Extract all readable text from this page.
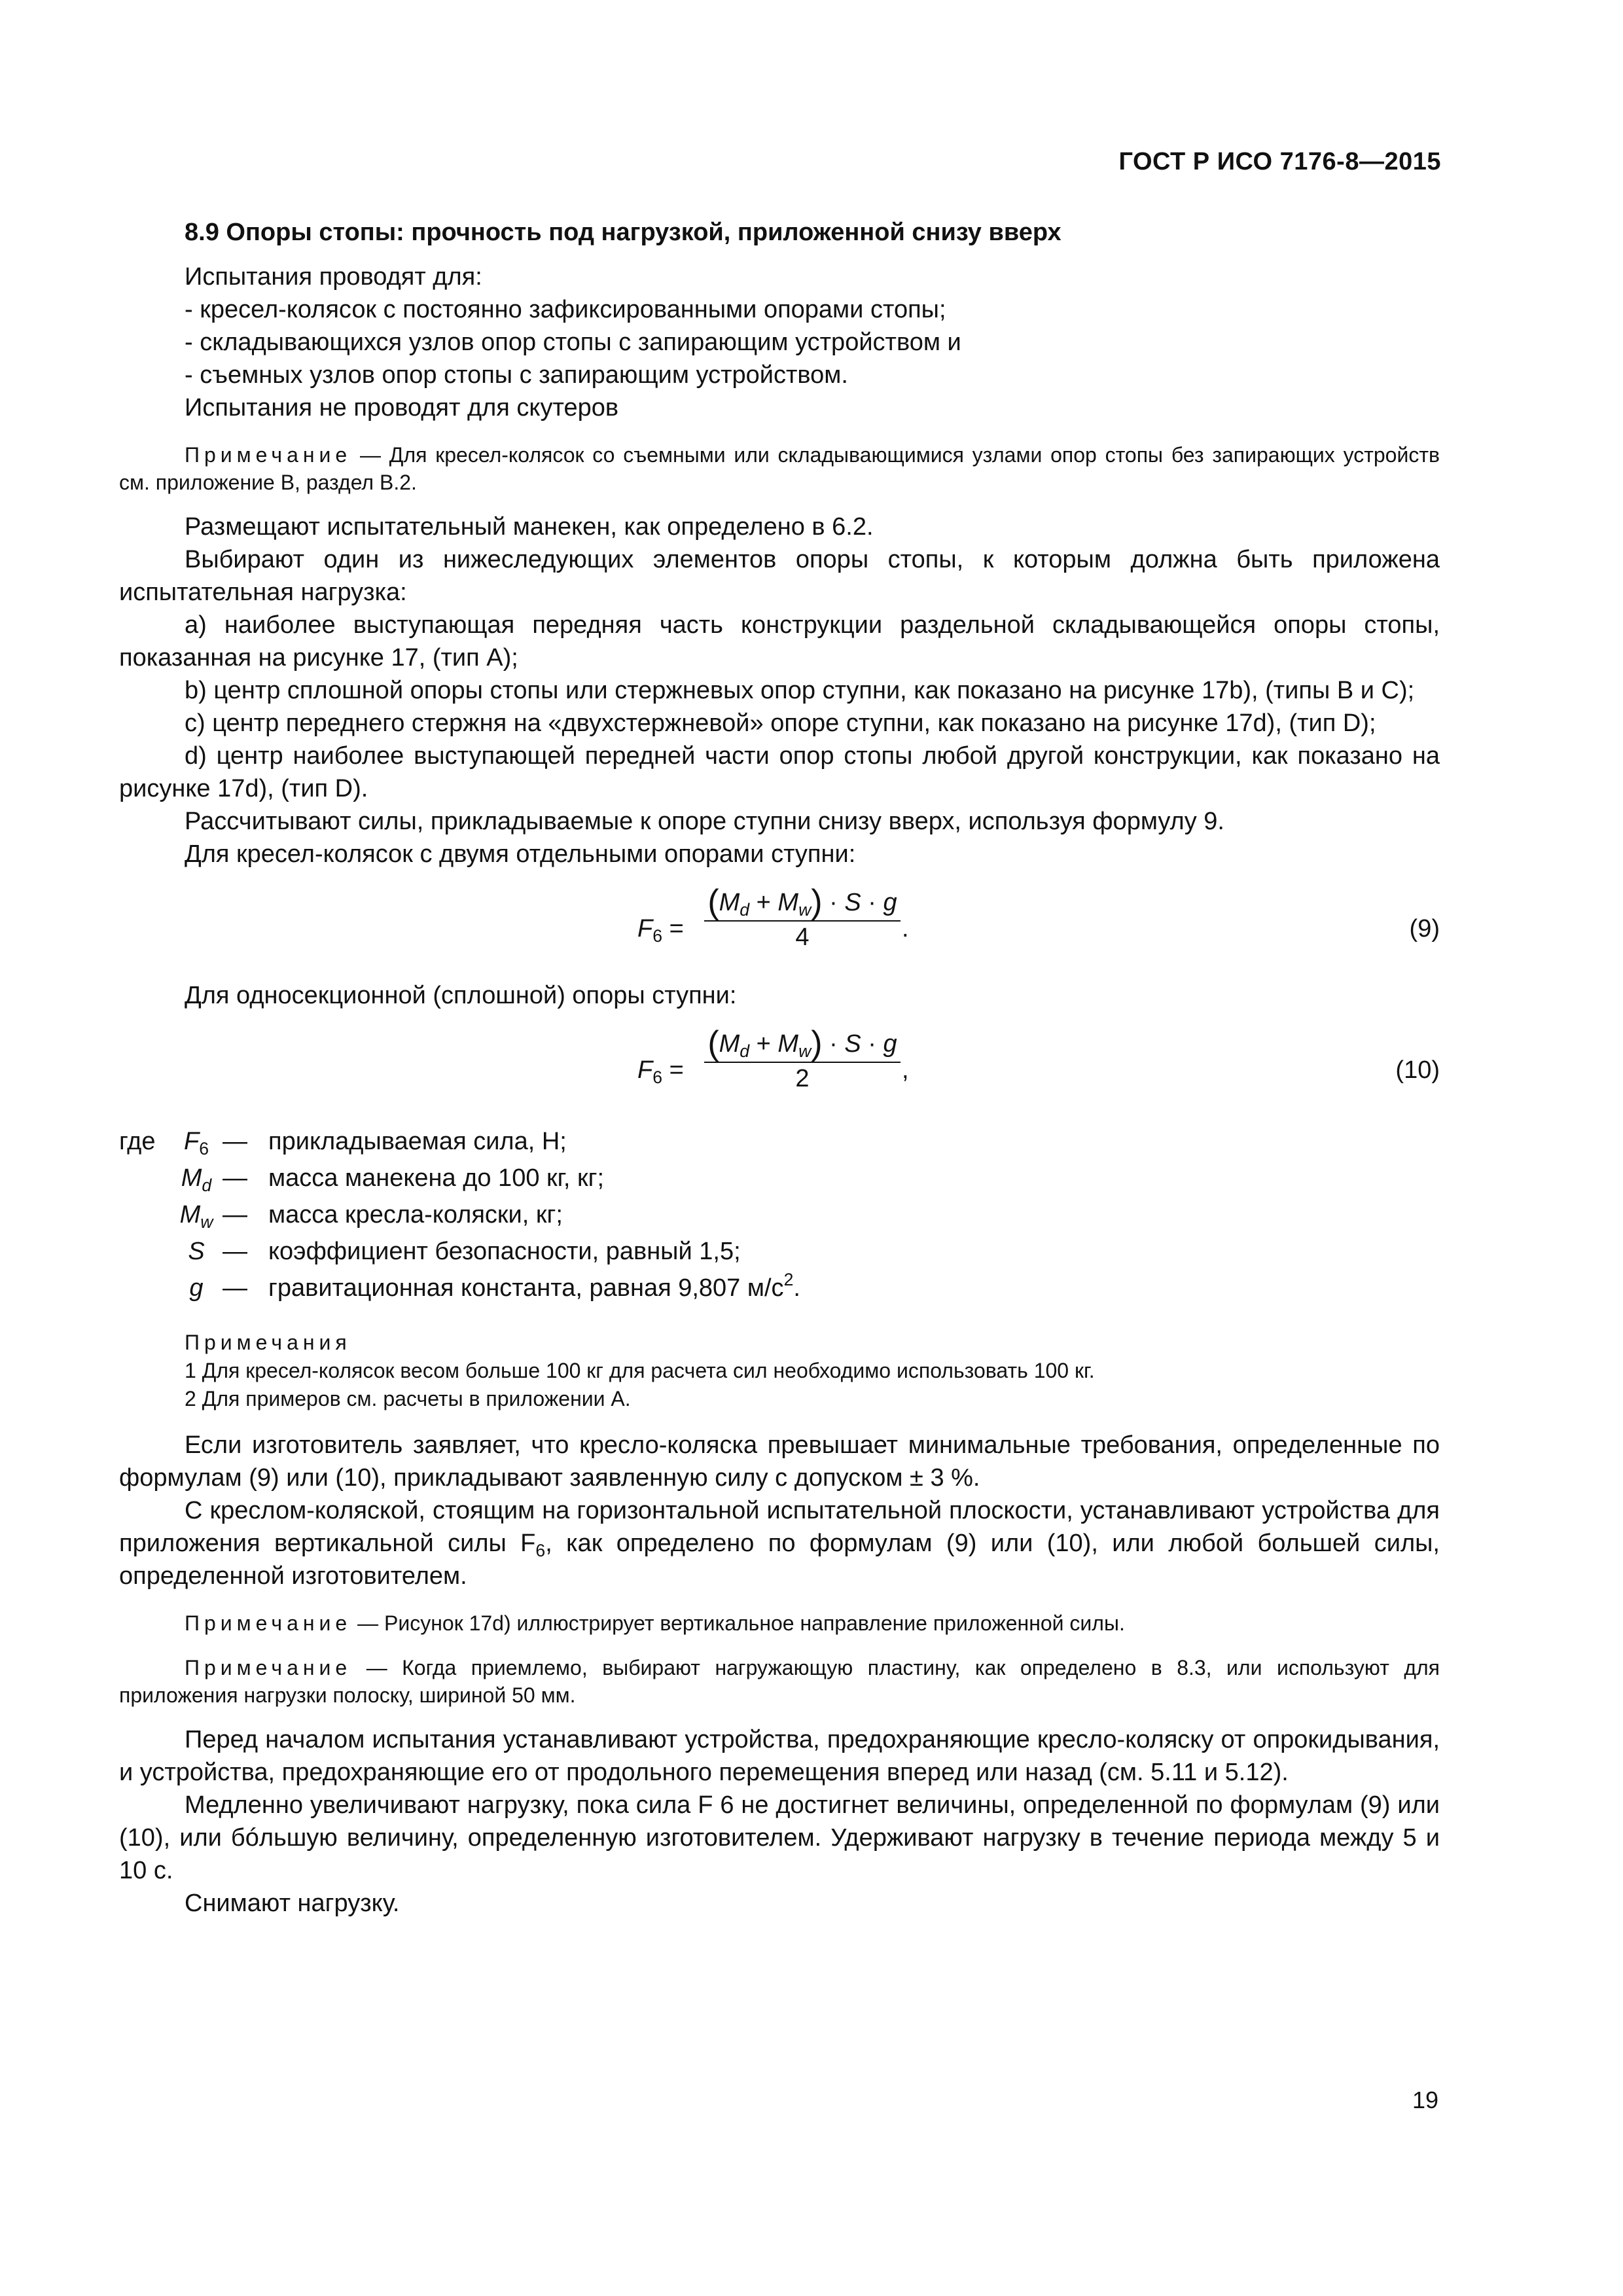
ГОСТ Р ИСО 7176-8—2015

8.9 Опоры стопы: прочность под нагрузкой, приложенной снизу вверх

Испытания проводят для:

- кресел-колясок с постоянно зафиксированными опорами стопы;

- складывающихся узлов опор стопы с запирающим устройством и

- съемных узлов опор стопы с запирающим устройством.

Испытания не проводят для скутеров

Примечание — Для кресел-колясок со съемными или складывающимися узлами опор стопы без запирающих устройств см. приложение В, раздел В.2.

Размещают испытательный манекен, как определено в 6.2.

Выбирают один из нижеследующих элементов опоры стопы, к которым должна быть приложена испытательная нагрузка:

a) наиболее выступающая передняя часть конструкции раздельной складывающейся опоры стопы, показанная на рисунке 17, (тип А);

b) центр сплошной опоры стопы или стержневых опор ступни, как показано на рисунке 17b), (типы В и С);

c) центр переднего стержня на «двухстержневой» опоре ступни, как показано на рисунке 17d), (тип D);

d) центр наиболее выступающей передней части опор стопы любой другой конструкции, как показано на рисунке 17d), (тип D).

Рассчитывают силы, прикладываемые к опоре ступни снизу вверх, используя формулу 9.

Для кресел-колясок с двумя отдельными опорами ступни:

$F_6$ =
$(M_d + M_w) \cdot S \cdot g$
4	.	(9)

Для односекционной (сплошной) опоры ступни:

$F_6$ =
$(M_d + M_w) \cdot S \cdot g$
2	,	(10)
где	$F_6$ — прикладываемая сила, Н;
$M_d$ — масса манекена до 100 кг, кг;
$M_w$ — масса кресла-коляски, кг;
S — коэффициент безопасности, равный 1,5;
g — гравитационная константа, равная 9,807 $м/с^2$.

Примечания

1 Для кресел-колясок весом больше 100 кг для расчета сил необходимо использовать 100 кг.

2 Для примеров см. расчеты в приложении А.

Если изготовитель заявляет, что кресло-коляска превышает минимальные требования, определенные по формулам (9) или (10), прикладывают заявленную силу с допуском ± 3 %.

С креслом-коляской, стоящим на горизонтальной испытательной плоскости, устанавливают устройства для приложения вертикальной силы $F_6$, как определено по формулам (9) или (10), или любой большей силы, определенной изготовителем.

Примечание — Рисунок 17d) иллюстрирует вертикальное направление приложенной силы.

Примечание — Когда приемлемо, выбирают нагружающую пластину, как определено в 8.3, или используют для приложения нагрузки полоску, шириной 50 мм.

Перед началом испытания устанавливают устройства, предохраняющие кресло-коляску от опрокидывания, и устройства, предохраняющие его от продольного перемещения вперед или назад (см. 5.11 и 5.12).

Медленно увеличивают нагрузку, пока сила F 6 не достигнет величины, определенной по формулам (9) или (10), или бóльшую величину, определенную изготовителем. Удерживают нагрузку в течение периода между 5 и 10 с.

Снимают нагрузку.

19
